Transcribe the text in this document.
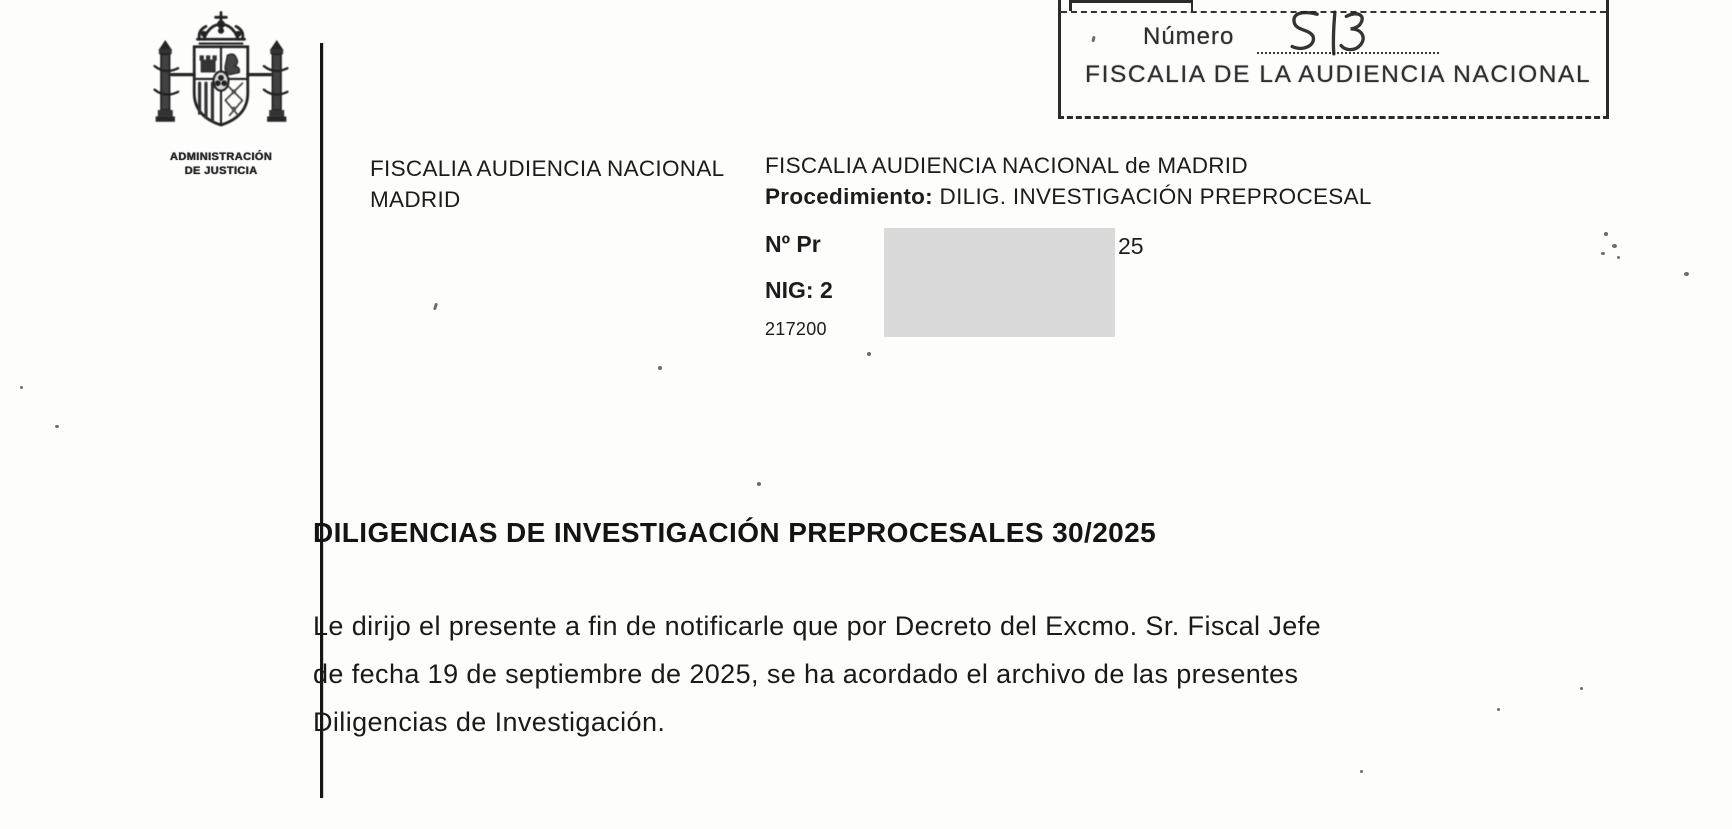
ADMINISTRACIÓN
DE JUSTICIA
Número
FISCALIA DE LA AUDIENCIA NACIONAL
FISCALIA AUDIENCIA NACIONAL
MADRID
FISCALIA AUDIENCIA NACIONAL de MADRID
Procedimiento: DILIG. INVESTIGACIÓN PREPROCESAL
Nº Pr	25
NIG: 2
217200
DILIGENCIAS DE INVESTIGACIÓN PREPROCESALES 30/2025
Le dirijo el presente a fin de notificarle que por Decreto del Excmo. Sr. Fiscal Jefe
de fecha 19 de septiembre de 2025, se ha acordado el archivo de las presentes
Diligencias de Investigación.
